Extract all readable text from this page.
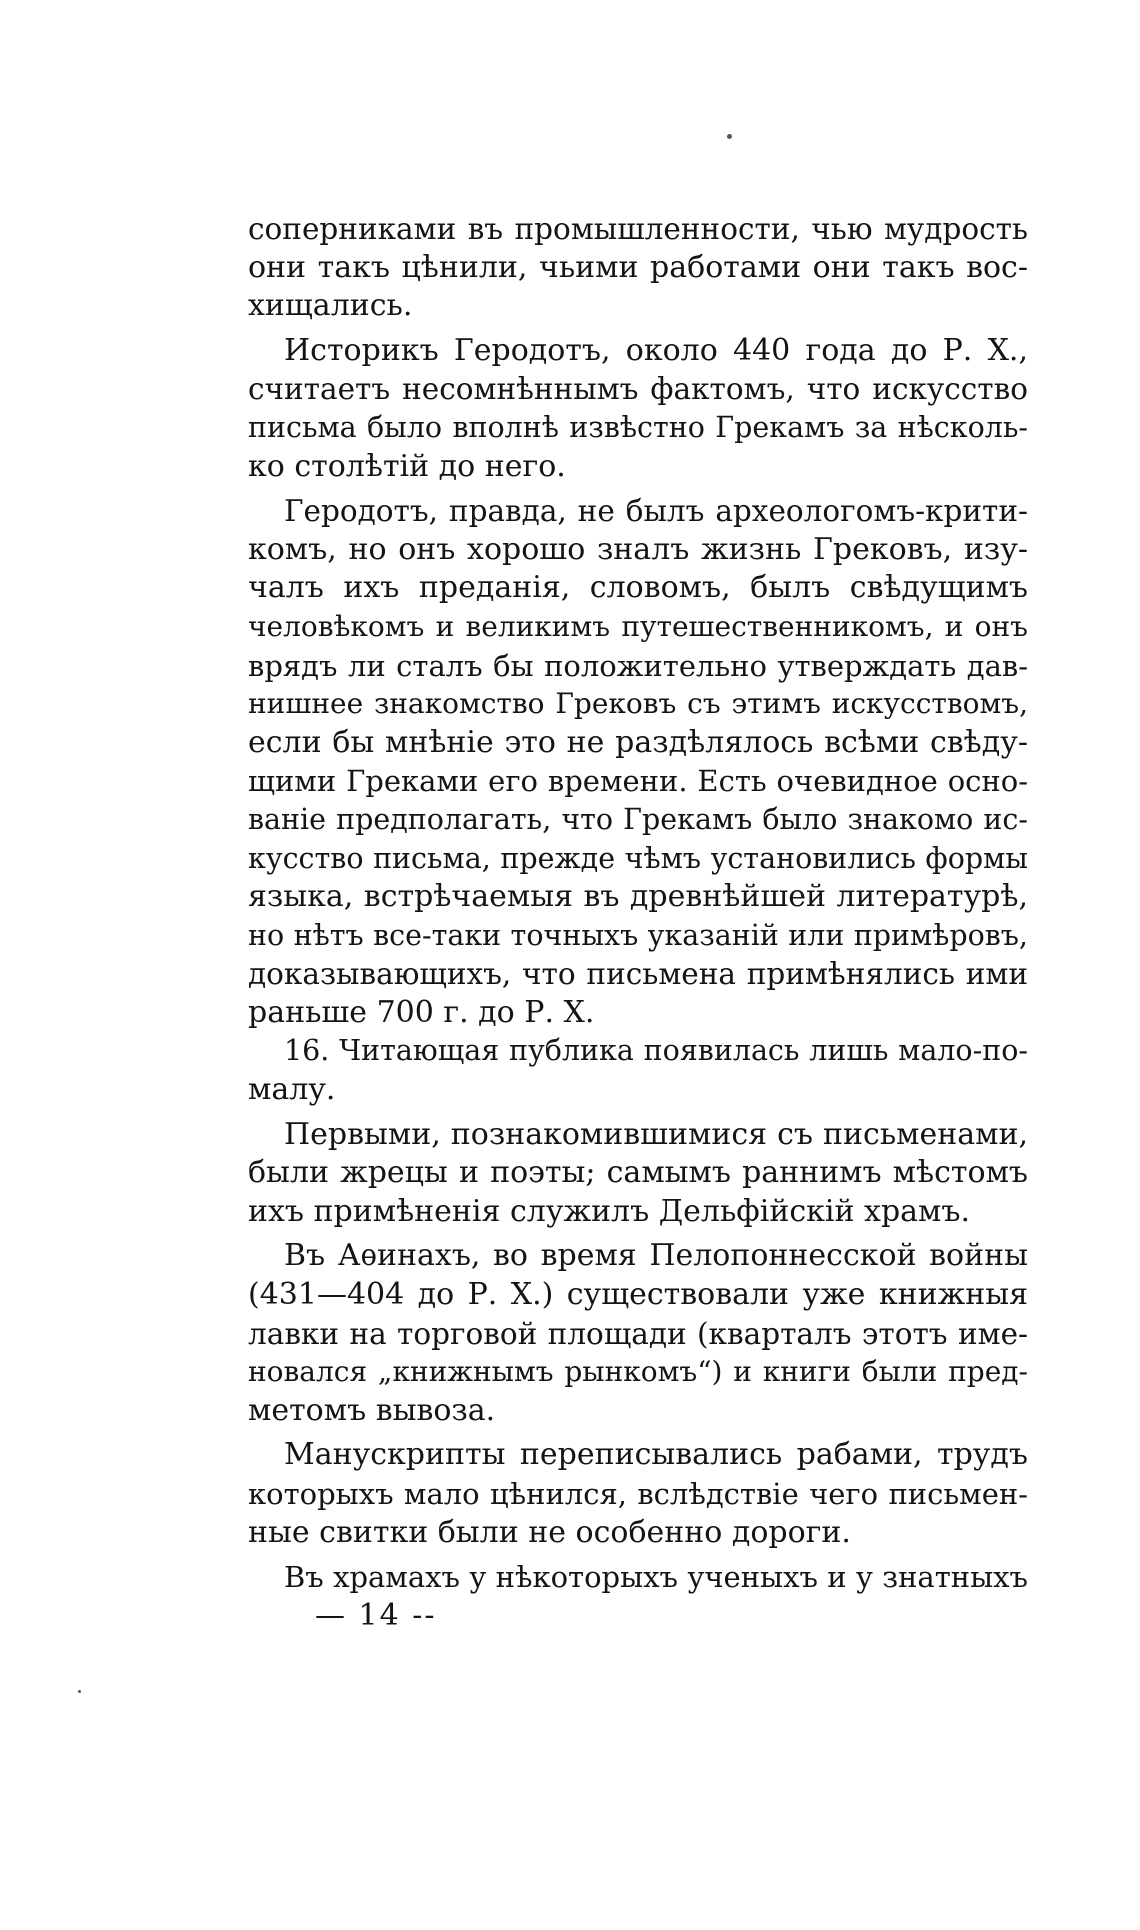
соперниками въ промышленности, чью мудрость
они такъ цѣнили, чьими работами они такъ вос-
хищались.
Историкъ Геродотъ, около 440 года до Р. Х.,
считаетъ несомнѣннымъ фактомъ, что искусство
письма было вполнѣ извѣстно Грекамъ за нѣсколь-
ко столѣтій до него.
Геродотъ, правда, не былъ археологомъ-крити-
комъ, но онъ хорошо зналъ жизнь Грековъ, изу-
чалъ ихъ преданія, словомъ, былъ свѣдущимъ
человѣкомъ и великимъ путешественникомъ, и онъ
врядъ ли сталъ бы положительно утверждать дав-
нишнее знакомство Грековъ съ этимъ искусствомъ,
если бы мнѣніе это не раздѣлялось всѣми свѣду-
щими Греками его времени. Есть очевидное осно-
ваніе предполагать, что Грекамъ было знакомо ис-
кусство письма, прежде чѣмъ установились формы
языка, встрѣчаемыя въ древнѣйшей литературѣ,
но нѣтъ все-таки точныхъ указаній или примѣровъ,
доказывающихъ, что письмена примѣнялись ими
раньше 700 г. до Р. Х.
16. Читающая публика появилась лишь мало-по-
малу.
Первыми, познакомившимися съ письменами,
были жрецы и поэты; самымъ раннимъ мѣстомъ
ихъ примѣненія служилъ Дельфійскій храмъ.
Въ Аѳинахъ, во время Пелопоннесской войны
(431—404 до Р. Х.) существовали уже книжныя
лавки на торговой площади (кварталъ этотъ име-
новался „книжнымъ рынкомъ“) и книги были пред-
метомъ вывоза.
Манускрипты переписывались рабами, трудъ
которыхъ мало цѣнился, вслѣдствіе чего письмен-
ные свитки были не особенно дороги.
Въ храмахъ у нѣкоторыхъ ученыхъ и у знатныхъ
— 14 --
